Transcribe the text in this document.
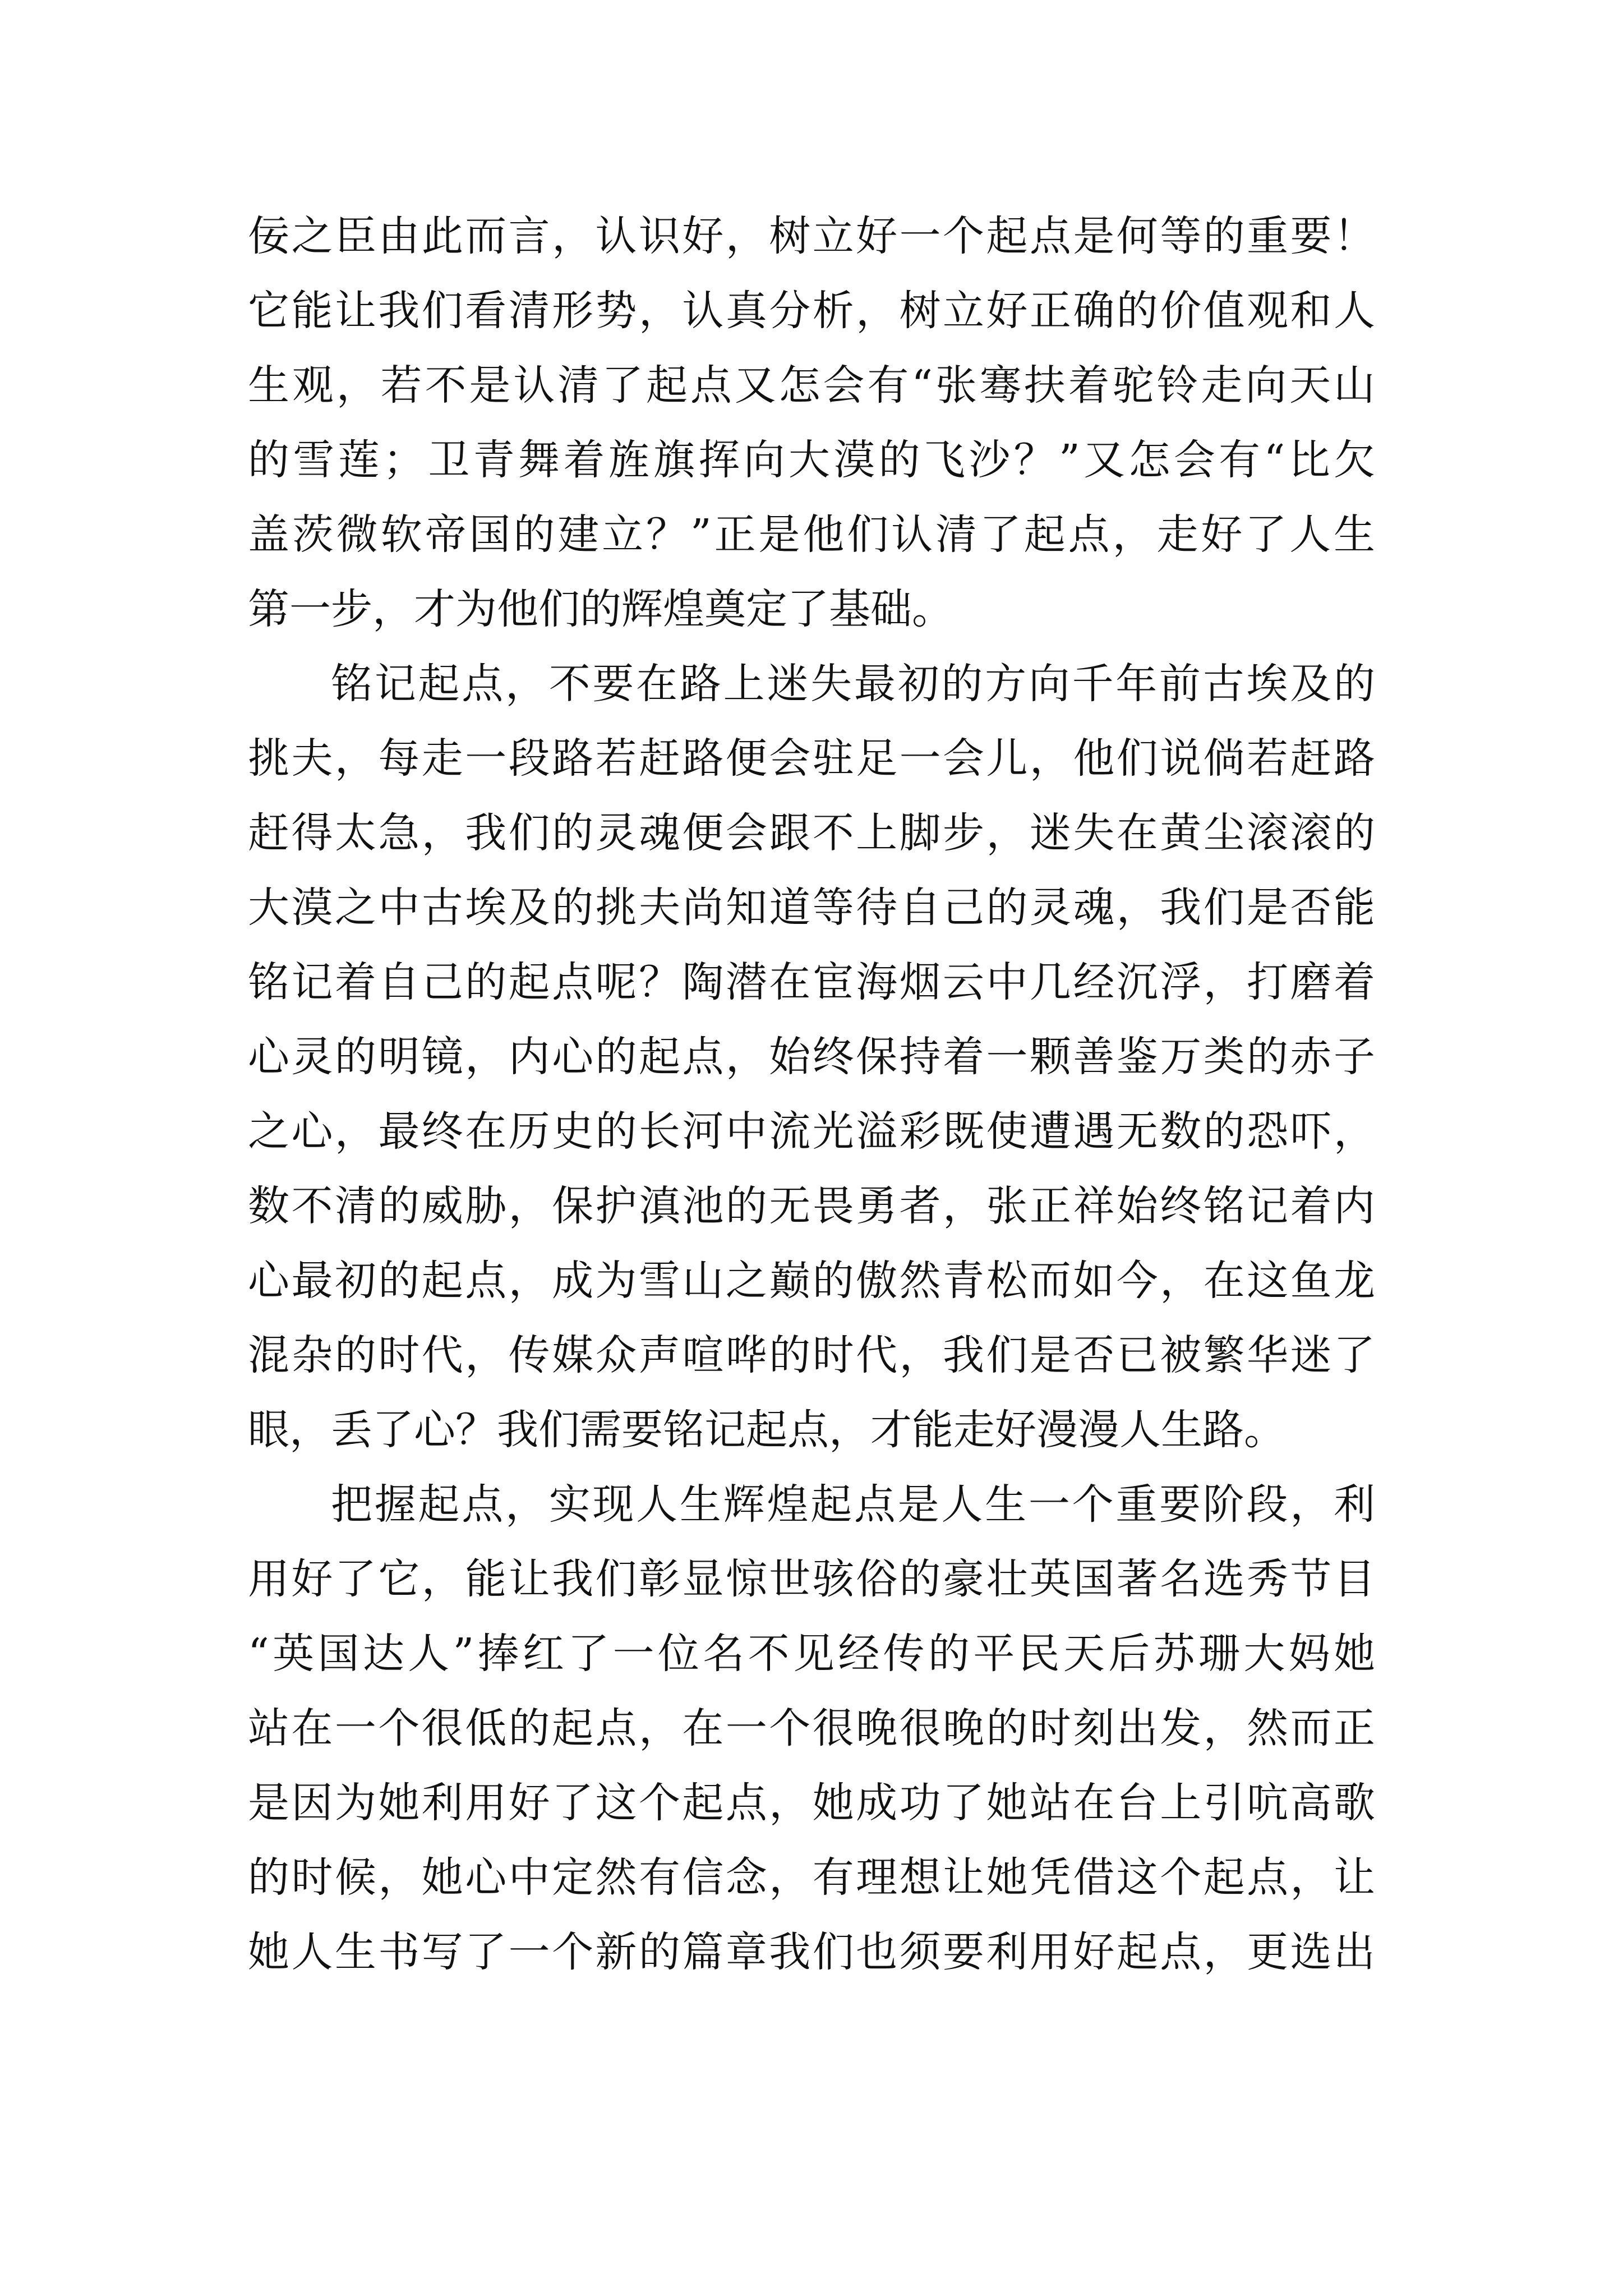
佞之臣由此而言，认识好，树立好一个起点是何等的重要！
它能让我们看清形势，认真分析，树立好正确的价值观和人
生观，若不是认清了起点又怎会有“张骞扶着驼铃走向天山
的雪莲；卫青舞着旌旗挥向大漠的飞沙？”又怎会有“比欠
盖茨微软帝国的建立？”正是他们认清了起点，走好了人生
第一步，才为他们的辉煌奠定了基础。
铭记起点，不要在路上迷失最初的方向千年前古埃及的
挑夫，每走一段路若赶路便会驻足一会儿，他们说倘若赶路
赶得太急，我们的灵魂便会跟不上脚步，迷失在黄尘滚滚的
大漠之中古埃及的挑夫尚知道等待自己的灵魂，我们是否能
铭记着自己的起点呢？陶潜在宦海烟云中几经沉浮，打磨着
心灵的明镜，内心的起点，始终保持着一颗善鉴万类的赤子
之心，最终在历史的长河中流光溢彩既使遭遇无数的恐吓，
数不清的威胁，保护滇池的无畏勇者，张正祥始终铭记着内
心最初的起点，成为雪山之巅的傲然青松而如今，在这鱼龙
混杂的时代，传媒众声喧哗的时代，我们是否已被繁华迷了
眼，丢了心？我们需要铭记起点，才能走好漫漫人生路。
把握起点，实现人生辉煌起点是人生一个重要阶段，利
用好了它，能让我们彰显惊世骇俗的豪壮英国著名选秀节目
“英国达人”捧红了一位名不见经传的平民天后苏珊大妈她
站在一个很低的起点，在一个很晚很晚的时刻出发，然而正
是因为她利用好了这个起点，她成功了她站在台上引吭高歌
的时候，她心中定然有信念，有理想让她凭借这个起点，让
她人生书写了一个新的篇章我们也须要利用好起点，更选出
